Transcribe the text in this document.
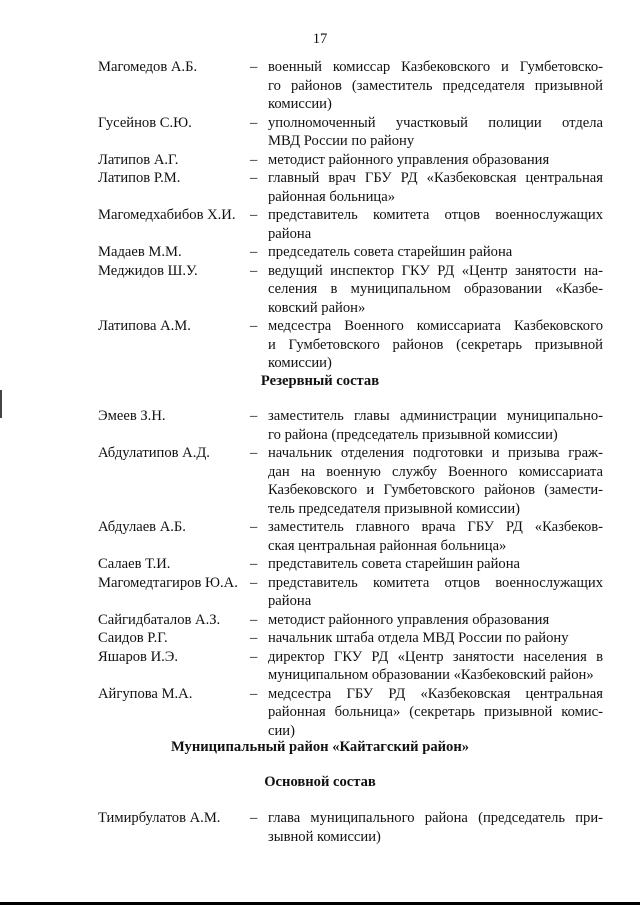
17
Магомедов А.Б.	– военный комиссар Казбековского и Гумбетовско-
го районов (заместитель председателя призывной
комиссии)
Гусейнов С.Ю.	– уполномоченный участковый полиции отдела
МВД России по району
Латипов А.Г.	– методист районного управления образования
Латипов Р.М.	– главный врач ГБУ РД «Казбековская центральная
районная больница»
Магомедхабибов Х.И. – представитель комитета отцов военнослужащих
района
Мадаев М.М.	– председатель совета старейшин района
Меджидов Ш.У.	– ведущий инспектор ГКУ РД «Центр занятости на-
селения в муниципальном образовании «Казбе-
ковский район»
Латипова А.М.	– медсестра Военного комиссариата Казбековского
и Гумбетовского районов (секретарь призывной
комиссии)
Резервный состав
Эмеев З.Н.	– заместитель главы администрации муниципально-
го района (председатель призывной комиссии)
Абдулатипов А.Д.	– начальник отделения подготовки и призыва граж-
дан на военную службу Военного комиссариата
Казбековского и Гумбетовского районов (замести-
тель председателя призывной комиссии)
Абдулаев А.Б.	– заместитель главного врача ГБУ РД «Казбеков-
ская центральная районная больница»
Салаев Т.И.	– представитель совета старейшин района
Магомедтагиров Ю.А. – представитель комитета отцов военнослужащих
района
Сайгидбаталов А.З.	– методист районного управления образования
Саидов Р.Г.	– начальник штаба отдела МВД России по району
Яшаров И.Э.	– директор ГКУ РД «Центр занятости населения в
муниципальном образовании «Казбековский район»
Айгупова М.А.	– медсестра ГБУ РД «Казбековская центральная
районная больница» (секретарь призывной комис-
сии)
Муниципальный район «Кайтагский район»
Основной состав
Тимирбулатов А.М.	– глава муниципального района (председатель при-
зывной комиссии)
